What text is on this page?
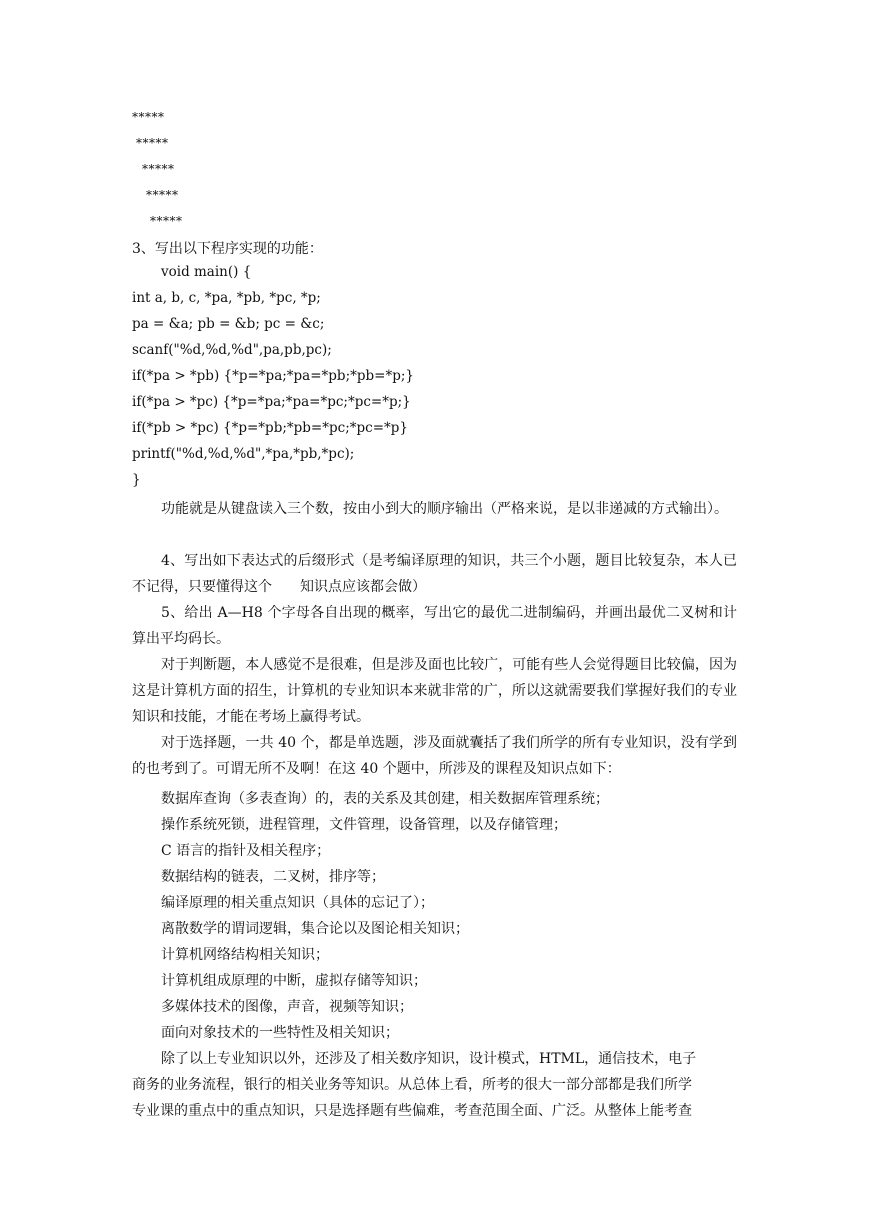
*****
*****
*****
*****
*****
3、写出以下程序实现的功能：
void main() {
int a, b, c, *pa, *pb, *pc, *p;
pa = &a; pb = &b; pc = &c;
scanf("%d,%d,%d",pa,pb,pc);
if(*pa > *pb) {*p=*pa;*pa=*pb;*pb=*p;}
if(*pa > *pc) {*p=*pa;*pa=*pc;*pc=*p;}
if(*pb > *pc) {*p=*pb;*pb=*pc;*pc=*p}
printf("%d,%d,%d",*pa,*pb,*pc);
}
功能就是从键盘读入三个数，按由小到大的顺序输出（严格来说，是以非递减的方式输出）。
4、写出如下表达式的后缀形式（是考编译原理的知识，共三个小题，题目比较复杂，本人已不记得，只要懂得这个　　知识点应该都会做）
5、给出 A—H8 个字母各自出现的概率，写出它的最优二进制编码，并画出最优二叉树和计算出平均码长。
对于判断题，本人感觉不是很难，但是涉及面也比较广，可能有些人会觉得题目比较偏，因为这是计算机方面的招生，计算机的专业知识本来就非常的广，所以这就需要我们掌握好我们的专业知识和技能，才能在考场上赢得考试。
对于选择题，一共 40 个，都是单选题，涉及面就囊括了我们所学的所有专业知识，没有学到的也考到了。可谓无所不及啊！在这 40 个题中，所涉及的课程及知识点如下：
数据库查询（多表查询）的，表的关系及其创建，相关数据库管理系统；
操作系统死锁，进程管理，文件管理，设备管理，以及存储管理；
C 语言的指针及相关程序；
数据结构的链表，二叉树，排序等；
编译原理的相关重点知识（具体的忘记了）；
离散数学的谓词逻辑，集合论以及图论相关知识；
计算机网络结构相关知识；
计算机组成原理的中断，虚拟存储等知识；
多媒体技术的图像，声音，视频等知识；
面向对象技术的一些特性及相关知识；
除了以上专业知识以外，还涉及了相关数序知识，设计模式，HTML，通信技术，电子
商务的业务流程，银行的相关业务等知识。从总体上看，所考的很大一部分部都是我们所学
专业课的重点中的重点知识，只是选择题有些偏难，考查范围全面、广泛。从整体上能考查
